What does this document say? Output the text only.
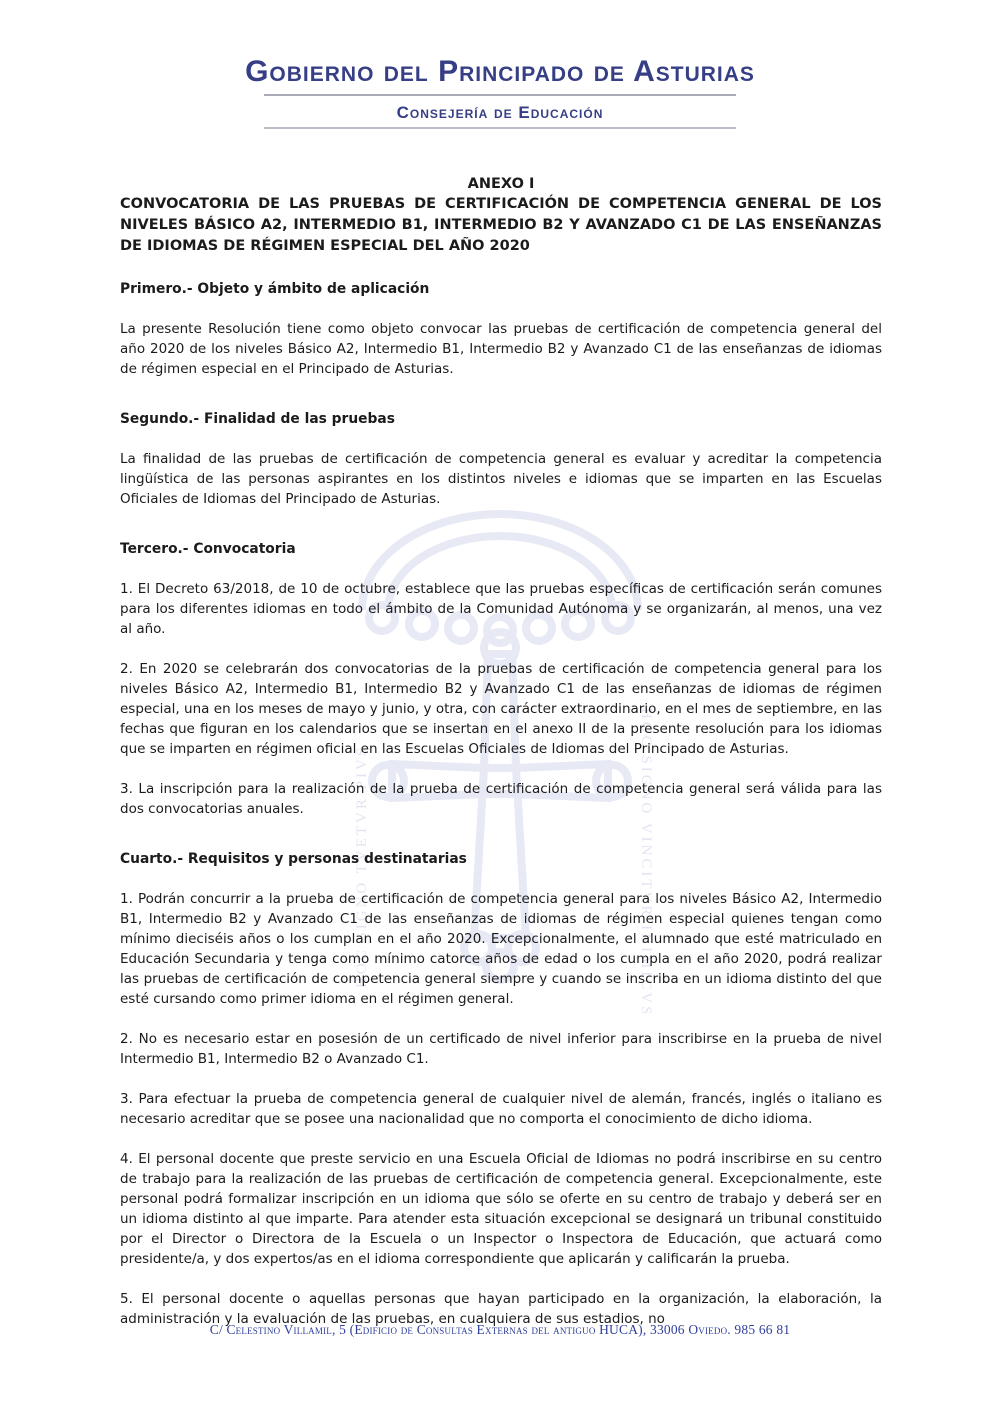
HOC SIGNO TVETVR PIVS	HOC SIGNO VINCITVR INIMICVS
Gobierno del Principado de Asturias
Consejería de Educación
ANEXO I

CONVOCATORIA DE LAS PRUEBAS DE CERTIFICACIÓN DE COMPETENCIA GENERAL DE LOS NIVELES BÁSICO A2, INTERMEDIO B1, INTERMEDIO B2 Y AVANZADO C1 DE LAS ENSEÑANZAS DE IDIOMAS DE RÉGIMEN ESPECIAL DEL AÑO 2020

Primero.- Objeto y ámbito de aplicación

La presente Resolución tiene como objeto convocar las pruebas de certificación de competencia general del año 2020 de los niveles Básico A2, Intermedio B1, Intermedio B2 y Avanzado C1 de las enseñanzas de idiomas de régimen especial en el Principado de Asturias.

Segundo.- Finalidad de las pruebas

La finalidad de las pruebas de certificación de competencia general es evaluar y acreditar la competencia lingüística de las personas aspirantes en los distintos niveles e idiomas que se imparten en las Escuelas Oficiales de Idiomas del Principado de Asturias.

Tercero.- Convocatoria

1. El Decreto 63/2018, de 10 de octubre, establece que las pruebas específicas de certificación serán comunes para los diferentes idiomas en todo el ámbito de la Comunidad Autónoma y se organizarán, al menos, una vez al año.

2. En 2020 se celebrarán dos convocatorias de la pruebas de certificación de competencia general para los niveles Básico A2, Intermedio B1, Intermedio B2 y Avanzado C1 de las enseñanzas de idiomas de régimen especial, una en los meses de mayo y junio, y otra, con carácter extraordinario, en el mes de septiembre, en las fechas que figuran en los calendarios que se insertan en el anexo II de la presente resolución para los idiomas que se imparten en régimen oficial en las Escuelas Oficiales de Idiomas del Principado de Asturias.

3. La inscripción para la realización de la prueba de certificación de competencia general será válida para las dos convocatorias anuales.

Cuarto.- Requisitos y personas destinatarias

1. Podrán concurrir a la prueba de certificación de competencia general para los niveles Básico A2, Intermedio B1, Intermedio B2 y Avanzado C1 de las enseñanzas de idiomas de régimen especial quienes tengan como mínimo dieciséis años o los cumplan en el año 2020. Excepcionalmente, el alumnado que esté matriculado en Educación Secundaria y tenga como mínimo catorce años de edad o los cumpla en el año 2020, podrá realizar las pruebas de certificación de competencia general siempre y cuando se inscriba en un idioma distinto del que esté cursando como primer idioma en el régimen general.

2. No es necesario estar en posesión de un certificado de nivel inferior para inscribirse en la prueba de nivel Intermedio B1, Intermedio B2 o Avanzado C1.

3. Para efectuar la prueba de competencia general de cualquier nivel de alemán, francés, inglés o italiano es necesario acreditar que se posee una nacionalidad que no comporta el conocimiento de dicho idioma.

4. El personal docente que preste servicio en una Escuela Oficial de Idiomas no podrá inscribirse en su centro de trabajo para la realización de las pruebas de certificación de competencia general. Excepcionalmente, este personal podrá formalizar inscripción en un idioma que sólo se oferte en su centro de trabajo y deberá ser en un idioma distinto al que imparte. Para atender esta situación excepcional se designará un tribunal constituido por el Director o Directora de la Escuela o un Inspector o Inspectora de Educación, que actuará como presidente/a, y dos expertos/as en el idioma correspondiente que aplicarán y calificarán la prueba.

5. El personal docente o aquellas personas que hayan participado en la organización, la elaboración, la administración y la evaluación de las pruebas, en cualquiera de sus estadios, no

C/ Celestino Villamil, 5 (Edificio de Consultas Externas del antiguo HUCA), 33006 Oviedo. 985 66 81
